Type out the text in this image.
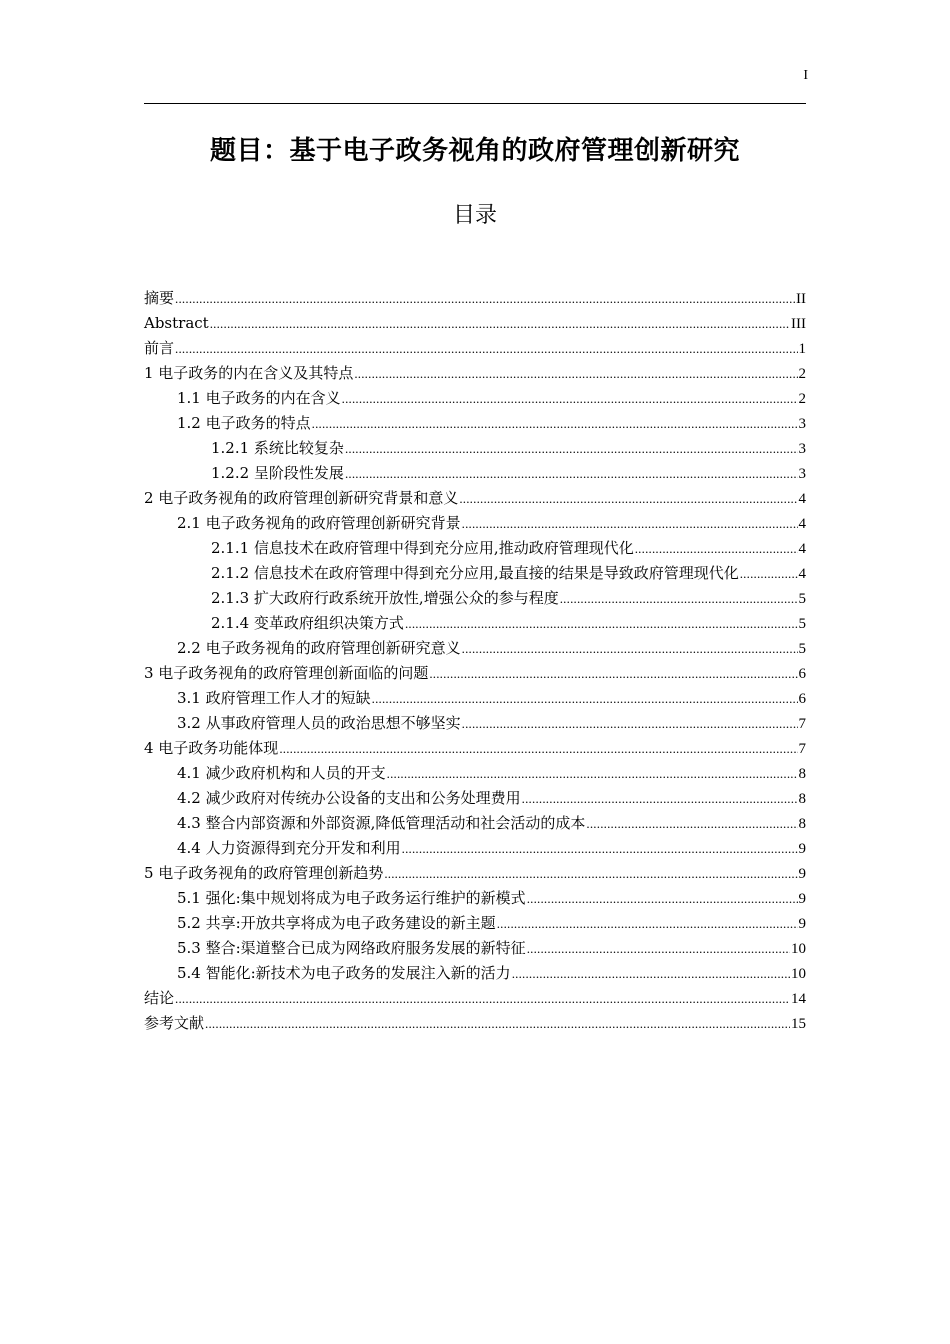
I
题目：基于电子政务视角的政府管理创新研究
目录
摘要 .....	II
Abstract .....	III
前言 .....	1
1 电子政务的内在含义及其特点 .....	2
1.1 电子政务的内在含义 .....	2
1.2 电子政务的特点 .....	3
1.2.1 系统比较复杂 .....	3
1.2.2 呈阶段性发展 .....	3
2 电子政务视角的政府管理创新研究背景和意义 .....	4
2.1 电子政务视角的政府管理创新研究背景 .....	4
2.1.1 信息技术在政府管理中得到充分应用,推动政府管理现代化 .....	4
2.1.2 信息技术在政府管理中得到充分应用,最直接的结果是导致政府管理现代化 .....	4
2.1.3 扩大政府行政系统开放性,增强公众的参与程度 .....	5
2.1.4 变革政府组织决策方式 .....	5
2.2 电子政务视角的政府管理创新研究意义 .....	5
3 电子政务视角的政府管理创新面临的问题 .....	6
3.1 政府管理工作人才的短缺 .....	6
3.2 从事政府管理人员的政治思想不够坚实 .....	7
4 电子政务功能体现 .....	7
4.1 减少政府机构和人员的开支 .....	8
4.2 减少政府对传统办公设备的支出和公务处理费用 .....	8
4.3 整合内部资源和外部资源,降低管理活动和社会活动的成本 .....	8
4.4 人力资源得到充分开发和利用 .....	9
5 电子政务视角的政府管理创新趋势 .....	9
5.1 强化:集中规划将成为电子政务运行维护的新模式 .....	9
5.2 共享:开放共享将成为电子政务建设的新主题 .....	9
5.3 整合:渠道整合已成为网络政府服务发展的新特征 .....	10
5.4 智能化:新技术为电子政务的发展注入新的活力 .....	10
结论 .....	14
参考文献 .....	15
